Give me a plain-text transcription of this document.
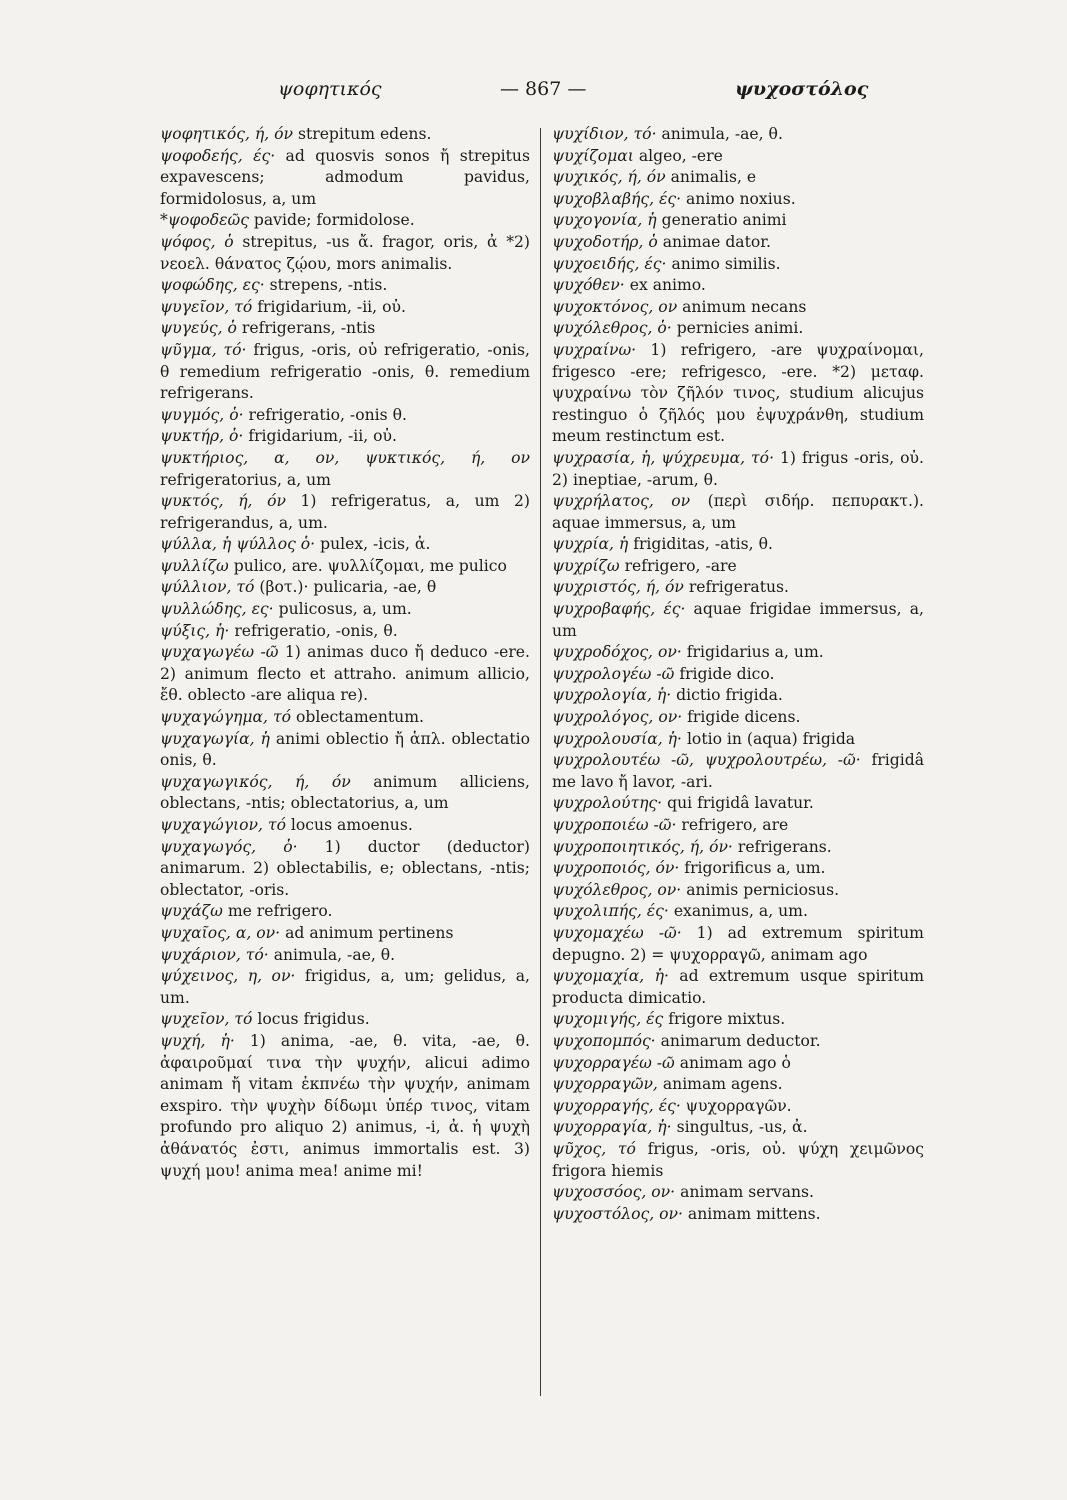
ψοφητικός	— 867 —	ψυχοστόλος

ψοφητικός, ή, όν strepitum edens.

ψοφοδεής, ές· ad quosvis sonos ἤ strepitus expavescens; admodum pavidus, formidolosus, a, um

*ψοφοδεῶς pavide; formidolose.

ψόφος, ὁ strepitus, -us ἄ. fragor, oris, ἀ *2) νεοελ. θάνατος ζῴου, mors animalis.

ψοφώδης, ες· strepens, -ntis.

ψυγεῖον, τό frigidarium, -ii, οὐ.

ψυγεύς, ὁ refrigerans, -ntis

ψῦγμα, τό· frigus, -oris, οὐ refrigeratio, -onis, θ remedium refrigeratio -onis, θ. remedium refrigerans.

ψυγμός, ὁ· refrigeratio, -onis θ.

ψυκτήρ, ὁ· frigidarium, -ii, οὐ.

ψυκτήριος, α, ον, ψυκτικός, ή, ον refrigeratorius, a, um

ψυκτός, ή, όν 1) refrigeratus, a, um 2) refrigerandus, a, um.

ψύλλα, ἡ ψύλλος ὁ· pulex, -icis, ἀ.

ψυλλίζω pulico, are. ψυλλίζομαι, me pulico

ψύλλιον, τό (βοτ.)· pulicaria, -ae, θ

ψυλλώδης, ες· pulicosus, a, um.

ψύξις, ἡ· refrigeratio, -onis, θ.

ψυχαγωγέω -ῶ 1) animas duco ἤ deduco -ere. 2) animum flecto et attraho. animum allicio, ἔθ. oblecto -are aliqua re).

ψυχαγώγημα, τό oblectamentum.

ψυχαγωγία, ἡ animi oblectio ἤ ἁπλ. oblectatio onis, θ.

ψυχαγωγικός, ή, όν animum alliciens, oblectans, -ntis; oblectatorius, a, um

ψυχαγώγιον, τό locus amoenus.

ψυχαγωγός, ὁ· 1) ductor (deductor) animarum. 2) oblectabilis, e; oblectans, -ntis; oblectator, -oris.

ψυχάζω me refrigero.

ψυχαῖος, α, ον· ad animum pertinens

ψυχάριον, τό· animula, -ae, θ.

ψύχεινος, η, ον· frigidus, a, um; gelidus, a, um.

ψυχεῖον, τό locus frigidus.

ψυχή, ἡ· 1) anima, -ae, θ. vita, -ae, θ. ἀφαιροῦμαί τινα τὴν ψυχήν, alicui adimo animam ἤ vitam ἐκπνέω τὴν ψυχήν, animam exspiro. τὴν ψυχὴν δίδωμι ὑπέρ τινος, vitam profundo pro aliquo 2) animus, -i, ἀ. ἡ ψυχὴ ἀθάνατός ἐστι, animus immortalis est. 3) ψυχή μου! anima mea! anime mi!

ψυχίδιον, τό· animula, -ae, θ.

ψυχίζομαι algeo, -ere

ψυχικός, ή, όν animalis, e

ψυχοβλαβής, ές· animo noxius.

ψυχογονία, ἡ generatio animi

ψυχοδοτήρ, ὁ animae dator.

ψυχοειδής, ές· animo similis.

ψυχόθεν· ex animo.

ψυχοκτόνος, ον animum necans

ψυχόλεθρος, ὁ· pernicies animi.

ψυχραίνω· 1) refrigero, -are ψυχραίνομαι, frigesco -ere; refrigesco, -ere. *2) μεταφ. ψυχραίνω τὸν ζῆλόν τινος, studium alicujus restinguo ὁ ζῆλός μου ἐψυχράνθη, studium meum restinctum est.

ψυχρασία, ἡ, ψύχρευμα, τό· 1) frigus -oris, οὐ. 2) ineptiae, -arum, θ.

ψυχρήλατος, ον (περὶ σιδήρ. πεπυρακτ.). aquae immersus, a, um

ψυχρία, ἡ frigiditas, -atis, θ.

ψυχρίζω refrigero, -are

ψυχριστός, ή, όν refrigeratus.

ψυχροβαφής, ές· aquae frigidae immersus, a, um

ψυχροδόχος, ον· frigidarius a, um.

ψυχρολογέω -ῶ frigide dico.

ψυχρολογία, ἡ· dictio frigida.

ψυχρολόγος, ον· frigide dicens.

ψυχρολουσία, ἡ· lotio in (aqua) frigida

ψυχρολουτέω -ῶ, ψυχρολουτρέω, -ῶ· frigidâ me lavo ἤ lavor, -ari.

ψυχρολούτης· qui frigidâ lavatur.

ψυχροποιέω -ῶ· refrigero, are

ψυχροποιητικός, ή, όν· refrigerans.

ψυχροποιός, όν· frigorificus a, um.

ψυχόλεθρος, ον· animis perniciosus.

ψυχολιπής, ές· exanimus, a, um.

ψυχομαχέω -ῶ· 1) ad extremum spiritum depugno. 2) = ψυχορραγῶ, animam ago

ψυχομαχία, ἡ· ad extremum usque spiritum producta dimicatio.

ψυχομιγής, ές frigore mixtus.

ψυχοπομπός· animarum deductor.

ψυχορραγέω -ῶ animam ago ὁ

ψυχορραγῶν, animam agens.

ψυχορραγής, ές· ψυχορραγῶν.

ψυχορραγία, ἡ· singultus, -us, ἀ.

ψῦχος, τό frigus, -oris, οὐ. ψύχη χειμῶνος frigora hiemis

ψυχοσσόος, ον· animam servans.

ψυχοστόλος, ον· animam mittens.
